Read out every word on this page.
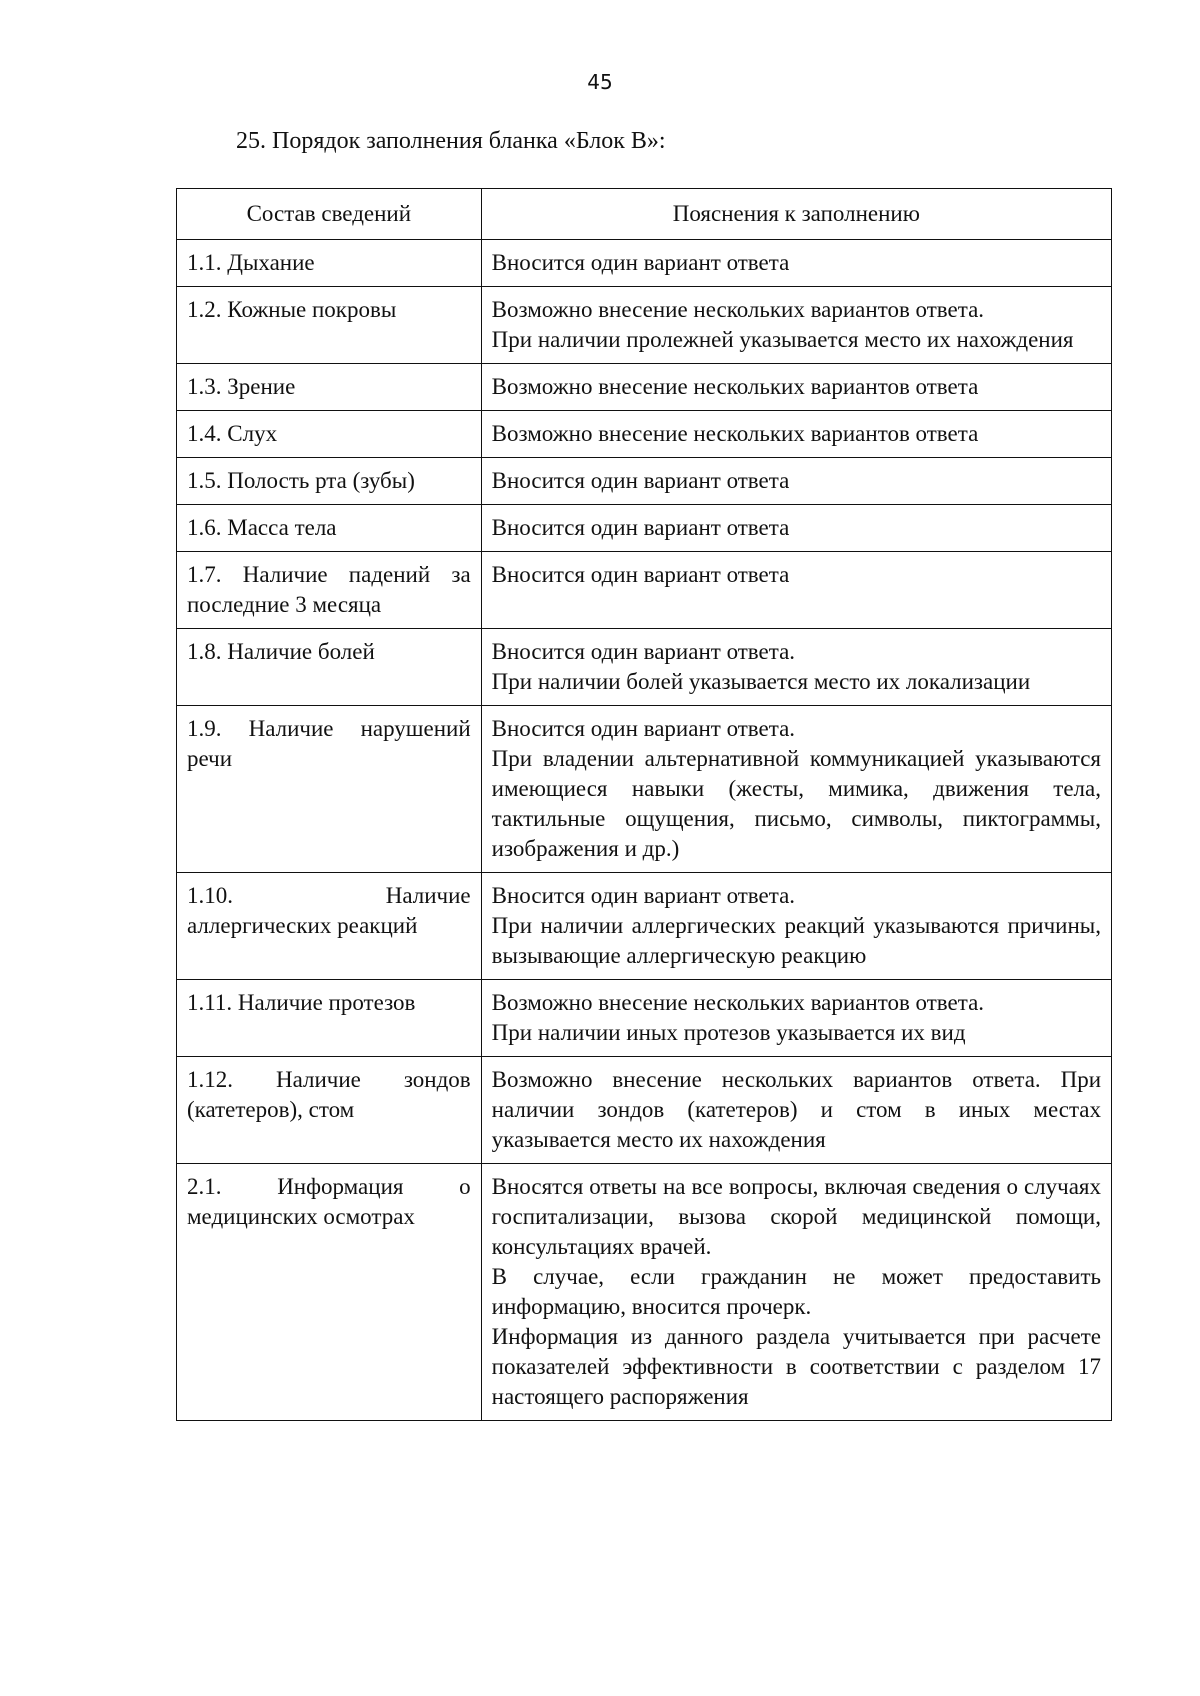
45
25. Порядок заполнения бланка «Блок В»:
Состав сведений	Пояснения к заполнению
1.1. Дыхание	Вносится один вариант ответа

1.2. Кожные покровы	Возможно внесение нескольких вариантов ответа.

При наличии пролежней указывается место их нахождения

1.3. Зрение	Возможно внесение нескольких вариантов ответа

1.4. Слух	Возможно внесение нескольких вариантов ответа

1.5. Полость рта (зубы)	Вносится один вариант ответа

1.6. Масса тела	Вносится один вариант ответа

1.7. Наличие падений за последние 3 месяца	Вносится один вариант ответа

1.8. Наличие болей	Вносится один вариант ответа.

При наличии болей указывается место их локализации

1.9. Наличие нарушений речи	Вносится один вариант ответа.

При владении альтернативной коммуникацией указываются имеющиеся навыки (жесты, мимика, движения тела, тактильные ощущения, письмо, символы, пиктограммы, изображения и др.)

1.10. Наличие аллергических реакций	Вносится один вариант ответа.

При наличии аллергических реакций указываются причины, вызывающие аллергическую реакцию

1.11. Наличие протезов	Возможно внесение нескольких вариантов ответа.

При наличии иных протезов указывается их вид

1.12. Наличие зондов (катетеров), стом	Возможно внесение нескольких вариантов ответа. При наличии зондов (катетеров) и стом в иных местах указывается место их нахождения

2.1. Информация о медицинских осмотрах	Вносятся ответы на все вопросы, включая сведения о случаях госпитализации, вызова скорой медицинской помощи, консультациях врачей.

В случае, если гражданин не может предоставить информацию, вносится прочерк.

Информация из данного раздела учитывается при расчете показателей эффективности в соответствии с разделом 17 настоящего распоряжения
